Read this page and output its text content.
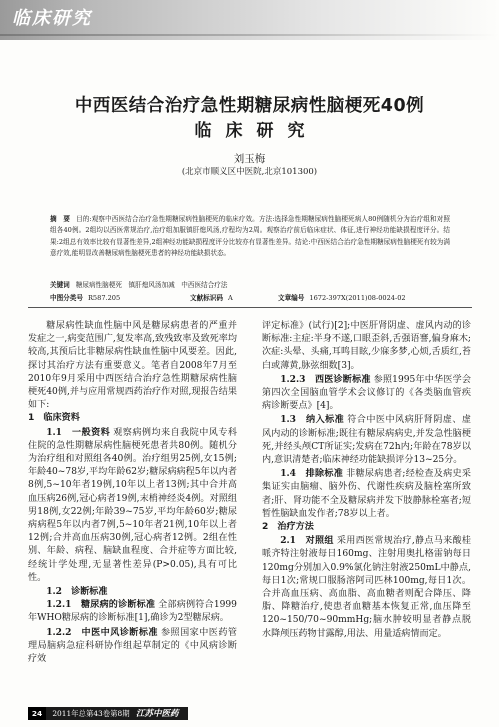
临床研究
中西医结合治疗急性期糖尿病性脑梗死40例
临床研究
刘玉梅
(北京市顺义区中医院,北京101300)
摘　要 目的:观察中西医结合治疗急性期糖尿病性脑梗死的临床疗效。方法:选择急性期糖尿病性脑梗死病人80例随机分为治疗组和对照组各40例。2组均以西医常规治疗,治疗组加服镇肝熄风汤,疗程均为2周。观察治疗前后临床症状、体征,进行神经功能缺损程度评分。结果:2组总有效率比较有显著性差异,2组神经功能缺损程度评分比较亦有显著性差异。结论:中西医结合治疗急性期糖尿病性脑梗死有较为满意疗效,能明显改善糖尿病性脑梗死患者的神经功能缺损状态。
关键词 糖尿病性脑梗死　镇肝熄风汤加减　中西医结合疗法
中图分类号 R587.205	文献标识码 A	文章编号 1672-397X(2011)08-0024-02

糖尿病性缺血性脑中风是糖尿病患者的严重并发症之一,病变范围广,复发率高,致残致率及致死率均较高,其预后比非糖尿病性缺血性脑中风要差。因此,探讨其治疗方法有重要意义。笔者自2008年7月至2010年9月采用中西医结合治疗急性期糖尿病性脑梗死40例,并与应用常规西药治疗作对照,现报告结果如下:

1　临床资料

1.1　一般资料 观察病例均来自我院中风专科住院的急性期糖尿病性脑梗死患者共80例。随机分为治疗组和对照组各40例。治疗组男25例,女15例;年龄40~78岁,平均年龄62岁;糖尿病病程5年以内者8例,5~10年者19例,10年以上者13例;其中合并高血压病26例,冠心病者19例,末梢神经炎4例。对照组男18例,女22例;年龄39~75岁,平均年龄60岁;糖尿病病程5年以内者7例,5~10年者21例,10年以上者12例;合并高血压病30例,冠心病者12例。2组在性别、年龄、病程、脑缺血程度、合并症等方面比较,经统计学处理,无显著性差异(P>0.05),具有可比性。

1.2　诊断标准

1.2.1　糖尿病的诊断标准 全部病例符合1999年WHO糖尿病的诊断标准[1],确诊为2型糖尿病。

1.2.2　中医中风诊断标准 参照国家中医药管理局脑病急症科研协作组起草制定的《中风病诊断疗效

评定标准》(试行)[2];中医肝肾阴虚、虚风内动的诊断标准:主症:半身不遂,口眼歪斜,舌强语謇,偏身麻木;次症:头晕、头痛,耳鸣目眩,少寐多梦,心烦,舌质红,苔白或薄黄,脉弦细数[3]。

1.2.3　西医诊断标准 参照1995年中华医学会第四次全国脑血管学术会议修订的《各类脑血管疾病诊断要点》[4]。

1.3　纳入标准 符合中医中风病肝肾阴虚、虚风内动的诊断标准;既往有糖尿病病史,并发急性脑梗死,并经头颅CT所证实;发病在72h内;年龄在78岁以内,意识清楚者;临床神经功能缺损评分13~25分。

1.4　排除标准 非糖尿病患者;经检查及病史采集证实由脑瘤、脑外伤、代谢性疾病及脑栓塞所致者;肝、肾功能不全及糖尿病并发下肢静脉栓塞者;短暂性脑缺血发作者;78岁以上者。

2　治疗方法

2.1　对照组 采用西医常规治疗,静点马来酸桂哌齐特注射液每日160mg、注射用奥扎格雷钠每日120mg分别加入0.9%氯化钠注射液250mL中静点,每日1次;常规口服肠溶阿司匹林100mg,每日1次。合并高血压病、高血脂、高血糖者则配合降压、降脂、降糖治疗,使患者血糖基本恢复正常,血压降至120~150/70~90mmHg;脑水肿较明显者静点脱水降颅压药物甘露醇,用法、用量适病情而定。

24 2011年总第43卷第8期 江苏中医药
